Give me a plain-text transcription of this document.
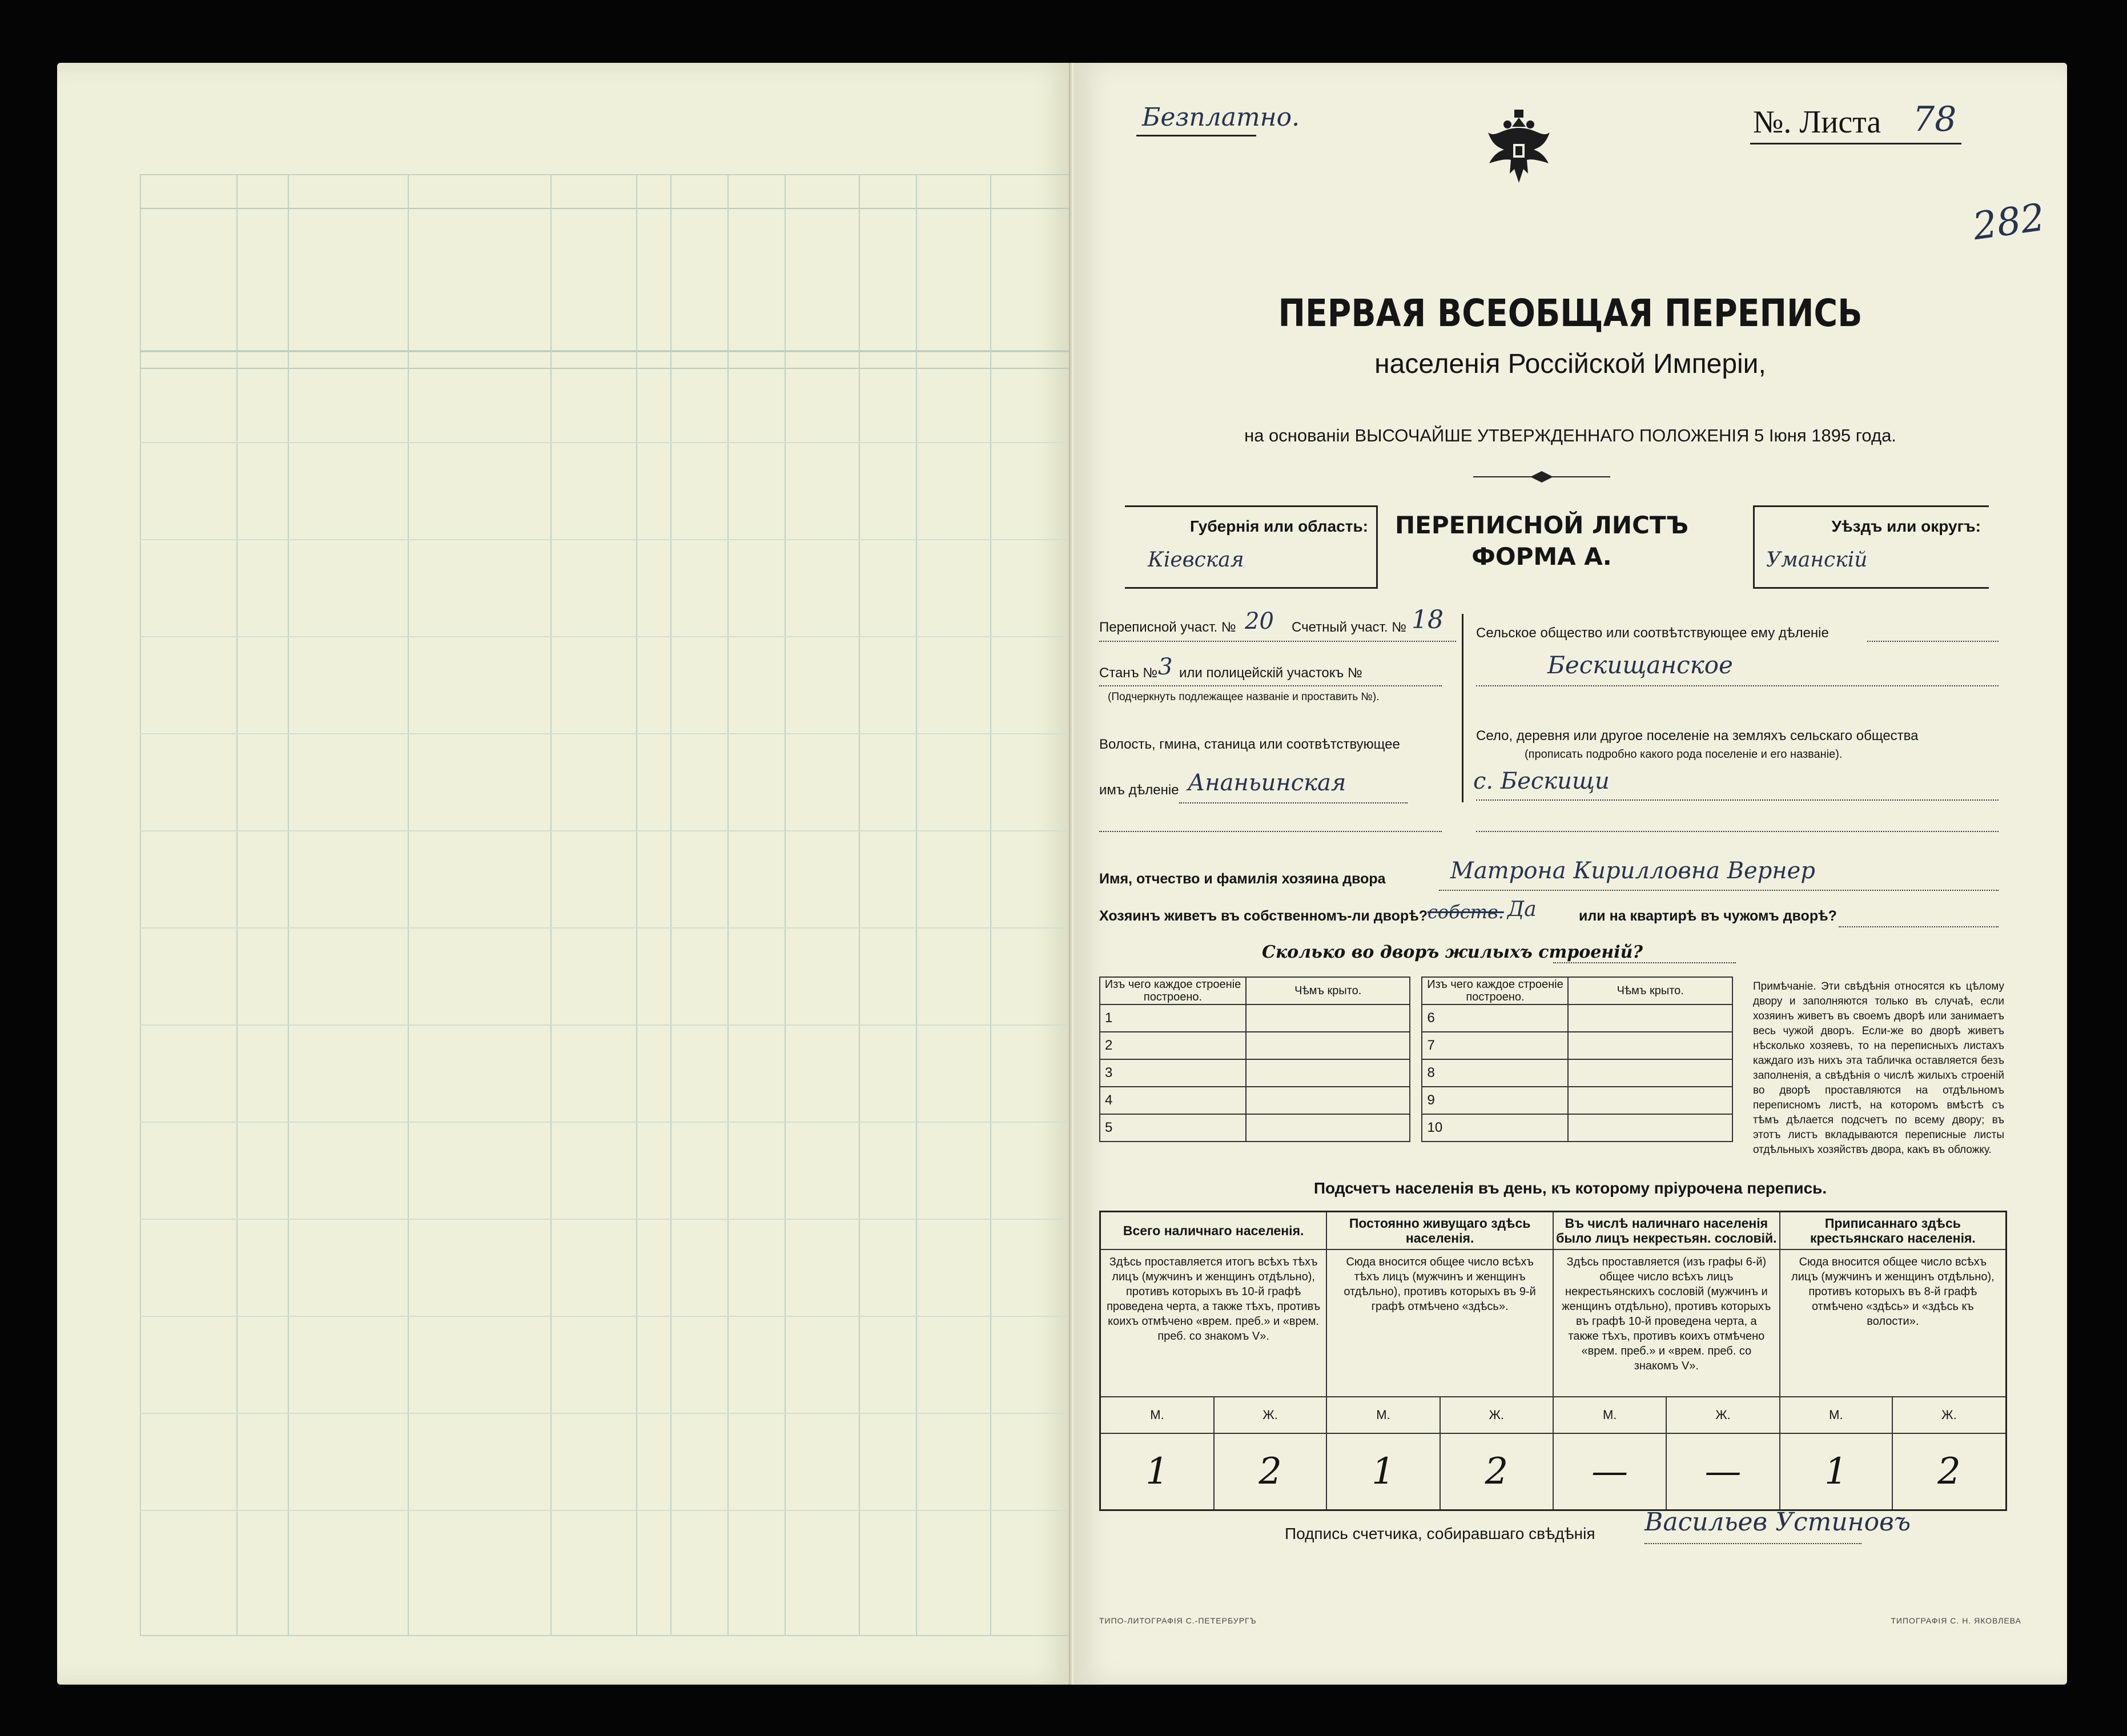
Безплатно.	№. Листа 78
282
ПЕРВАЯ ВСЕОБЩАЯ ПЕРЕПИСЬ
населенія Россійской Имперіи,
на основаніи ВЫСОЧАЙШЕ УТВЕРЖДЕННАГО ПОЛОЖЕНІЯ 5 Іюня 1895 года.
Губернія или область:
Кіевская
ПЕРЕПИСНОЙ ЛИСТЪ
ФОРМА А.
Уѣздъ или округъ:
Уманскій
Переписной участ. № 20 Счетный участ. № 18
Станъ № 3 или полицейскій участокъ №
(Подчеркнуть подлежащее названіе и проставить №).
Волость, гмина, станица или соотвѣтствующее
имъ дѣленіе Ананьинская
Сельское общество или соотвѣтствующее ему дѣленіе
Бескищанское
Село, деревня или другое поселеніе на земляхъ сельскаго общества
(прописать подробно какого рода поселеніе и его названіе).
с. Бескищи
Имя, отчество и фамилія хозяина двора	Матрона Кирилловна Вернер
Хозяинъ живетъ въ собственномъ-ли дворѣ? собств. Да	или на квартирѣ въ чужомъ дворѣ?
Сколько во дворъ жилыхъ строеній?
Изъ чего каждое строеніе построено.	Чѣмъ крыто.		Изъ чего каждое строеніе построено.	Чѣмъ крыто.
1			6	
2			7	
3			8	
4			9	
5			10	
Примѣчаніе. Эти свѣдѣнія относятся къ цѣлому двору и заполняются только въ случаѣ, если хозяинъ живетъ въ своемъ дворѣ или занимаетъ весь чужой дворъ. Если-же во дворѣ живетъ нѣсколько хозяевъ, то на переписныхъ листахъ каждаго изъ нихъ эта табличка оставляется безъ заполненія, а свѣдѣнія о числѣ жилыхъ строеній во дворѣ проставляются на отдѣльномъ переписномъ листѣ, на которомъ вмѣстѣ съ тѣмъ дѣлается подсчетъ по всему двору; въ этотъ листъ вкладываются переписные листы отдѣльныхъ хозяйствъ двора, какъ въ обложку.
Подсчетъ населенія въ день, къ которому пріурочена перепись.
Всего наличнаго населенія.		Постоянно живущаго здѣсь населенія.		Въ числѣ наличнаго населенія было лицъ некрестьян. сословій.		Приписаннаго здѣсь крестьянскаго населенія.	
Здѣсь проставляется итогъ всѣхъ тѣхъ лицъ (мужчинъ и женщинъ отдѣльно), противъ которыхъ въ 10-й графѣ проведена черта, а также тѣхъ, противъ коихъ отмѣчено «врем. преб.» и «врем. преб. со знакомъ V».		Сюда вносится общее число всѣхъ тѣхъ лицъ (мужчинъ и женщинъ отдѣльно), противъ которыхъ въ 9-й графѣ отмѣчено «здѣсь».		Здѣсь проставляется (изъ графы 6-й) общее число всѣхъ лицъ некрестьянскихъ сословій (мужчинъ и женщинъ отдѣльно), противъ которыхъ въ графѣ 10-й проведена черта, а также тѣхъ, противъ коихъ отмѣчено «врем. преб.» и «врем. преб. со знакомъ V».		Сюда вносится общее число всѣхъ лицъ (мужчинъ и женщинъ отдѣльно), противъ которыхъ въ 8-й графѣ отмѣчено «здѣсь» и «здѣсь къ волости».	
М.	Ж.	М.	Ж.	М.	Ж.	М.	Ж.
1	2	1	2	—	—	1	2
Подпись счетчика, собиравшаго свѣдѣнія Васильев Устиновъ
ТИПО-ЛИТОГРАФІЯ С.-ПЕТЕРБУРГЪ	ТИПОГРАФІЯ С. Н. ЯКОВЛЕВА
